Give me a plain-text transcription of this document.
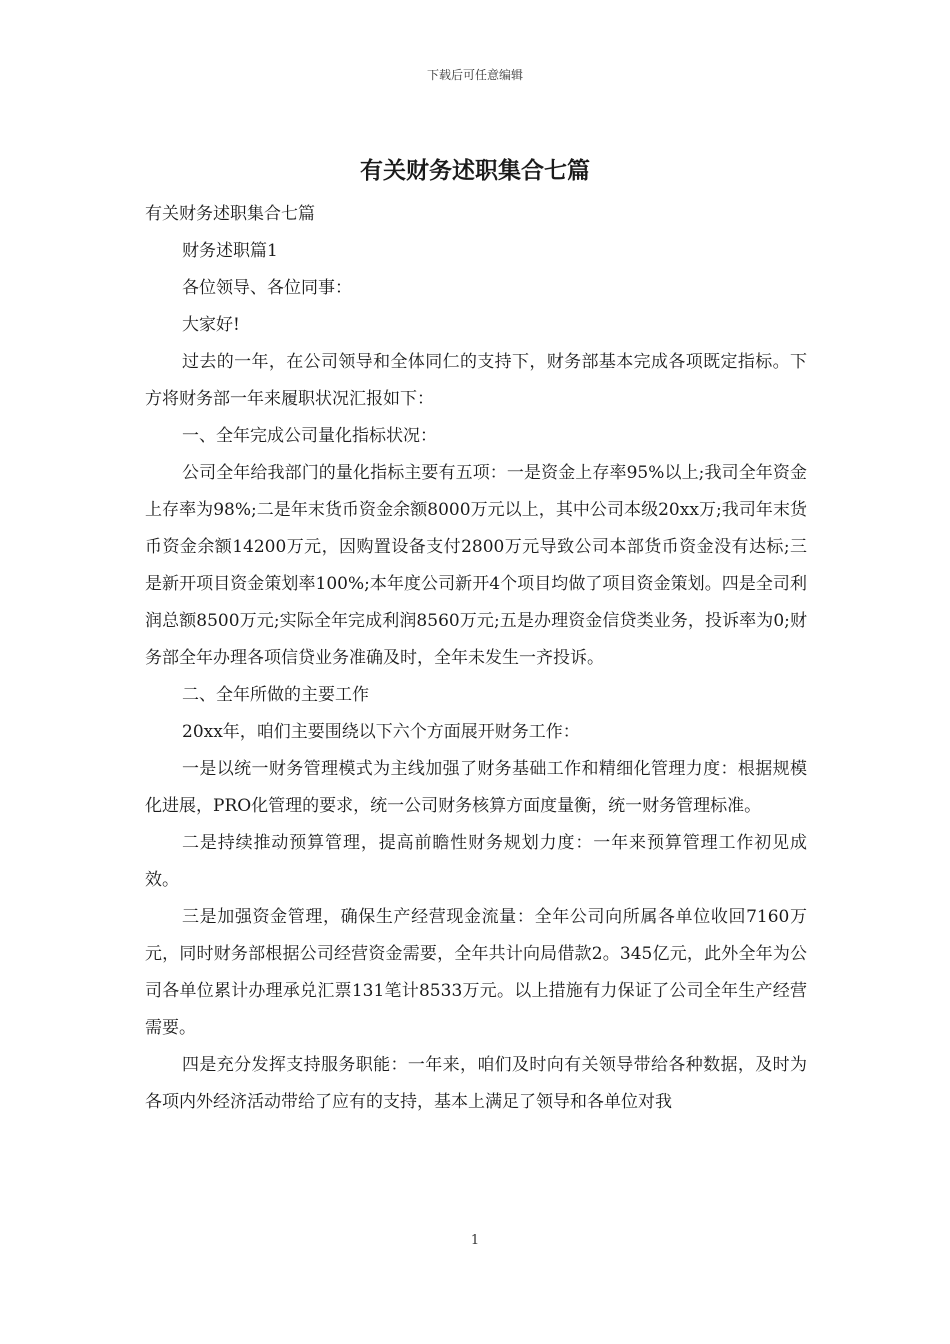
下载后可任意编辑
有关财务述职集合七篇

有关财务述职集合七篇

财务述职篇1

各位领导、各位同事：

大家好!

过去的一年，在公司领导和全体同仁的支持下，财务部基本完成各项既定指标。下方将财务部一年来履职状况汇报如下：

一、全年完成公司量化指标状况：

公司全年给我部门的量化指标主要有五项：一是资金上存率95%以上;我司全年资金上存率为98%;二是年末货币资金余额8000万元以上，其中公司本级20xx万;我司年末货币资金余额14200万元，因购置设备支付2800万元导致公司本部货币资金没有达标;三是新开项目资金策划率100%;本年度公司新开4个项目均做了项目资金策划。四是全司利润总额8500万元;实际全年完成利润8560万元;五是办理资金信贷类业务，投诉率为0;财务部全年办理各项信贷业务准确及时，全年未发生一齐投诉。

二、全年所做的主要工作

20xx年，咱们主要围绕以下六个方面展开财务工作：

一是以统一财务管理模式为主线加强了财务基础工作和精细化管理力度：根据规模化进展，PRO化管理的要求，统一公司财务核算方面度量衡，统一财务管理标准。

二是持续推动预算管理，提高前瞻性财务规划力度：一年来预算管理工作初见成效。

三是加强资金管理，确保生产经营现金流量：全年公司向所属各单位收回7160万元，同时财务部根据公司经营资金需要，全年共计向局借款2。345亿元，此外全年为公司各单位累计办理承兑汇票131笔计8533万元。以上措施有力保证了公司全年生产经营需要。

四是充分发挥支持服务职能：一年来，咱们及时向有关领导带给各种数据，及时为各项内外经济活动带给了应有的支持，基本上满足了领导和各单位对我

1
